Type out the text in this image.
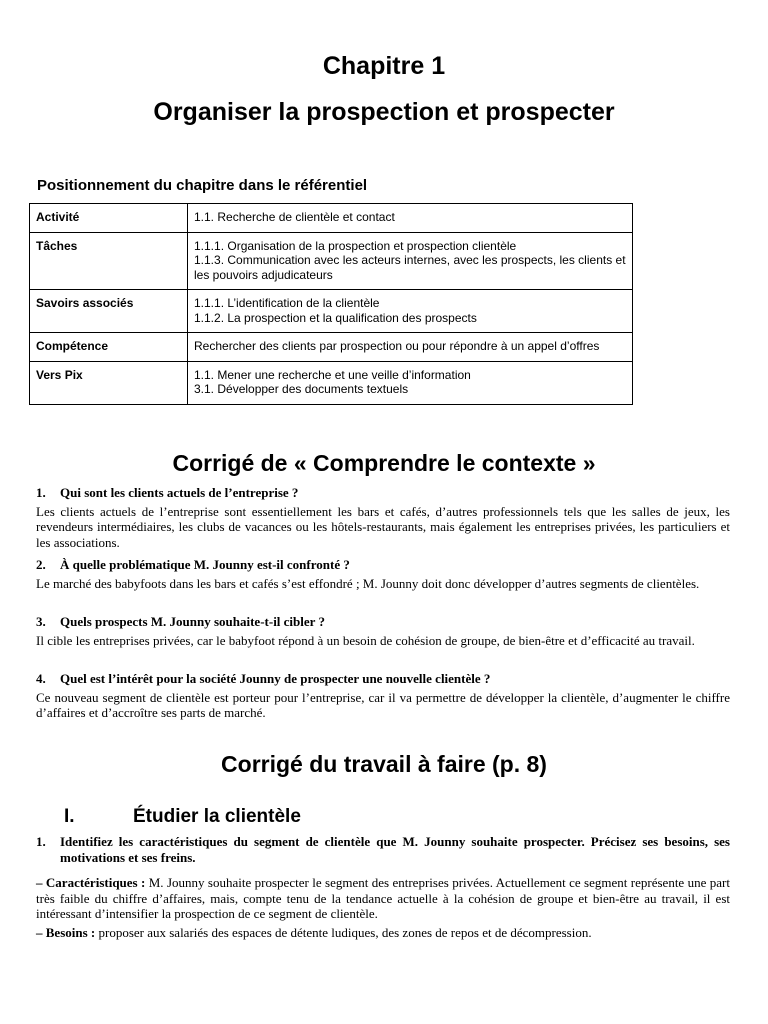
Chapitre 1
Organiser la prospection et prospecter
Positionnement du chapitre dans le référentiel
Activité	1.1. Recherche de clientèle et contact

Tâches	1.1.1. Organisation de la prospection et prospection clientèle
1.1.3. Communication avec les acteurs internes, avec les prospects, les clients et les pouvoirs adjudicateurs

Savoirs associés	1.1.1. L’identification de la clientèle
1.1.2. La prospection et la qualification des prospects

Compétence	Rechercher des clients par prospection ou pour répondre à un appel d’offres

Vers Pix	1.1. Mener une recherche et une veille d’information
3.1. Développer des documents textuels
Corrigé de « Comprendre le contexte »
1. Qui sont les clients actuels de l’entreprise ?
Les clients actuels de l’entreprise sont essentiellement les bars et cafés, d’autres professionnels tels que les salles de jeux, les revendeurs intermédiaires, les clubs de vacances ou les hôtels-restaurants, mais également les entreprises privées, les particuliers et les associations.
2. À quelle problématique M. Jounny est-il confronté ?
Le marché des babyfoots dans les bars et cafés s’est effondré ; M. Jounny doit donc développer d’autres segments de clientèles.
3. Quels prospects M. Jounny souhaite-t-il cibler ?
Il cible les entreprises privées, car le babyfoot répond à un besoin de cohésion de groupe, de bien-être et d’efficacité au travail.
4. Quel est l’intérêt pour la société Jounny de prospecter une nouvelle clientèle ?
Ce nouveau segment de clientèle est porteur pour l’entreprise, car il va permettre de développer la clientèle, d’augmenter le chiffre d’affaires et d’accroître ses parts de marché.
Corrigé du travail à faire (p. 8)
I.	Étudier la clientèle
1. Identifiez les caractéristiques du segment de clientèle que M. Jounny souhaite prospecter. Précisez ses besoins, ses motivations et ses freins.
– Caractéristiques : M. Jounny souhaite prospecter le segment des entreprises privées. Actuellement ce segment représente une part très faible du chiffre d’affaires, mais, compte tenu de la tendance actuelle à la cohésion de groupe et bien-être au travail, il est intéressant d’intensifier la prospection de ce segment de clientèle.
– Besoins : proposer aux salariés des espaces de détente ludiques, des zones de repos et de décompression.
